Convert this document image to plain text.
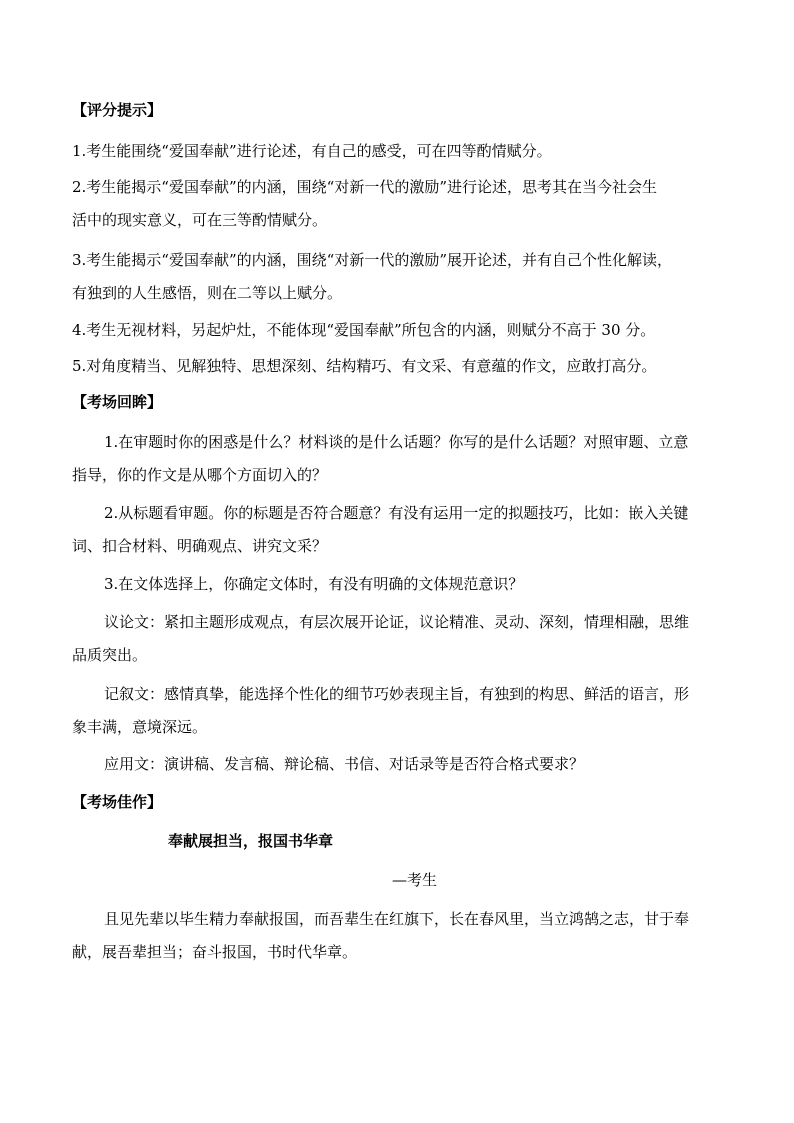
【评分提示】
1.考生能围绕“爱国奉献”进行论述，有自己的感受，可在四等酌情赋分。
2.考生能揭示“爱国奉献”的内涵，围绕“对新一代的激励”进行论述，思考其在当今社会生
活中的现实意义，可在三等酌情赋分。
3.考生能揭示“爱国奉献”的内涵，围绕“对新一代的激励”展开论述，并有自己个性化解读，
有独到的人生感悟，则在二等以上赋分。
4.考生无视材料，另起炉灶，不能体现“爱国奉献”所包含的内涵，则赋分不高于 30 分。
5.对角度精当、见解独特、思想深刻、结构精巧、有文采、有意蕴的作文，应敢打高分。
【考场回眸】
1.在审题时你的困惑是什么？材料谈的是什么话题？你写的是什么话题？对照审题、立意
指导，你的作文是从哪个方面切入的？
2.从标题看审题。你的标题是否符合题意？有没有运用一定的拟题技巧，比如：嵌入关键
词、扣合材料、明确观点、讲究文采？
3.在文体选择上，你确定文体时，有没有明确的文体规范意识？
议论文：紧扣主题形成观点，有层次展开论证，议论精准、灵动、深刻，情理相融，思维
品质突出。
记叙文：感情真挚，能选择个性化的细节巧妙表现主旨，有独到的构思、鲜活的语言，形
象丰满，意境深远。
应用文：演讲稿、发言稿、辩论稿、书信、对话录等是否符合格式要求？
【考场佳作】
奉献展担当，报国书华章
—考生
且见先辈以毕生精力奉献报国，而吾辈生在红旗下，长在春风里，当立鸿鹄之志，甘于奉
献，展吾辈担当；奋斗报国，书时代华章。
